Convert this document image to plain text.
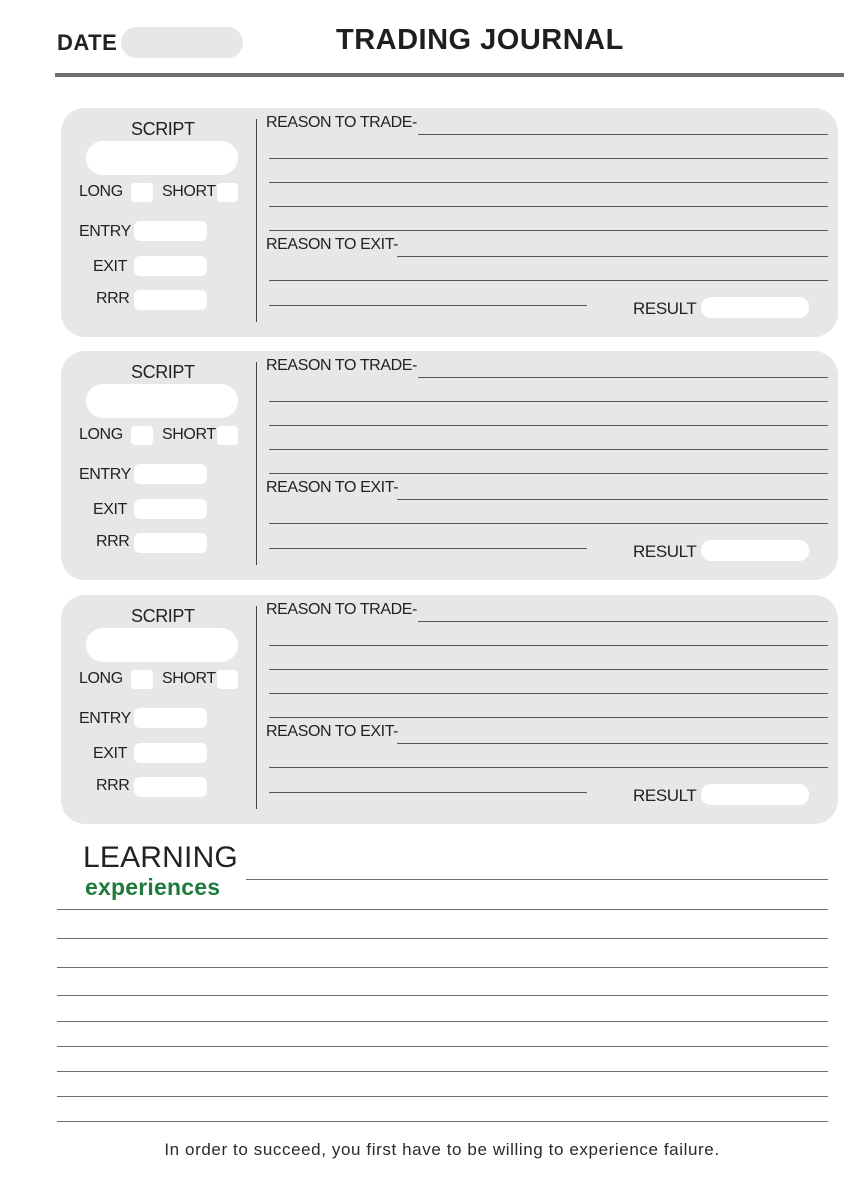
DATE	TRADING JOURNAL
SCRIPT
LONG SHORT
ENTRY
EXIT
RRR
REASON TO TRADE-
REASON TO EXIT-
RESULT
SCRIPT
LONG SHORT
ENTRY
EXIT
RRR
REASON TO TRADE-
REASON TO EXIT-
RESULT
SCRIPT
LONG SHORT
ENTRY
EXIT
RRR
REASON TO TRADE-
REASON TO EXIT-
RESULT
LEARNING
experiences
In order to succeed, you first have to be willing to experience failure.
